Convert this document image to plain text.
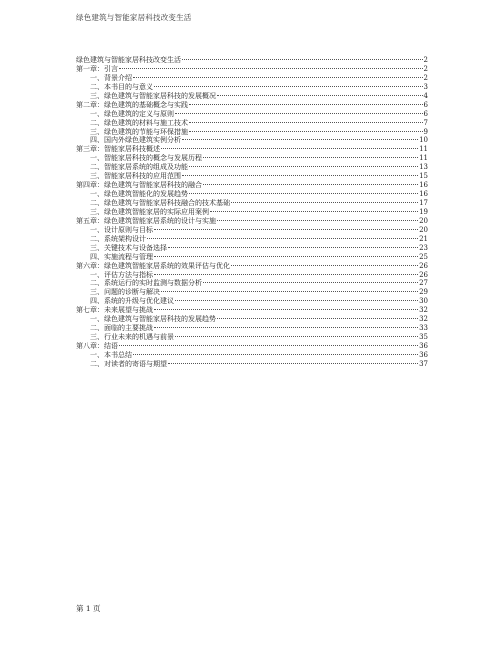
绿色建筑与智能家居科技改变生活
绿色建筑与智能家居科技改变生活	2
第一章：引言	2
一、背景介绍	2
二、本书目的与意义	3
三、绿色建筑与智能家居科技的发展概况	4
第二章：绿色建筑的基础概念与实践	6
一、绿色建筑的定义与原则	6
二、绿色建筑的材料与施工技术	7
三、绿色建筑的节能与环保措施	9
四、国内外绿色建筑实例分析	10
第三章：智能家居科技概述	11
一、智能家居科技的概念与发展历程	11
二、智能家居系统的组成及功能	13
三、智能家居科技的应用范围	15
第四章：绿色建筑与智能家居科技的融合	16
一、绿色建筑智能化的发展趋势	16
二、绿色建筑与智能家居科技融合的技术基础	17
三、绿色建筑智能家居的实际应用案例	19
第五章：绿色建筑智能家居系统的设计与实施	20
一、设计原则与目标	20
二、系统架构设计	21
三、关键技术与设备选择	23
四、实施流程与管理	25
第六章：绿色建筑智能家居系统的效果评估与优化	26
一、评估方法与指标	26
二、系统运行的实时监测与数据分析	27
三、问题的诊断与解决	29
四、系统的升级与优化建议	30
第七章：未来展望与挑战	32
一、绿色建筑与智能家居科技的发展趋势	32
二、面临的主要挑战	33
三、行业未来的机遇与前景	35
第八章：结语	36
一、本书总结	36
二、对读者的寄语与期望	37
第 1 页
